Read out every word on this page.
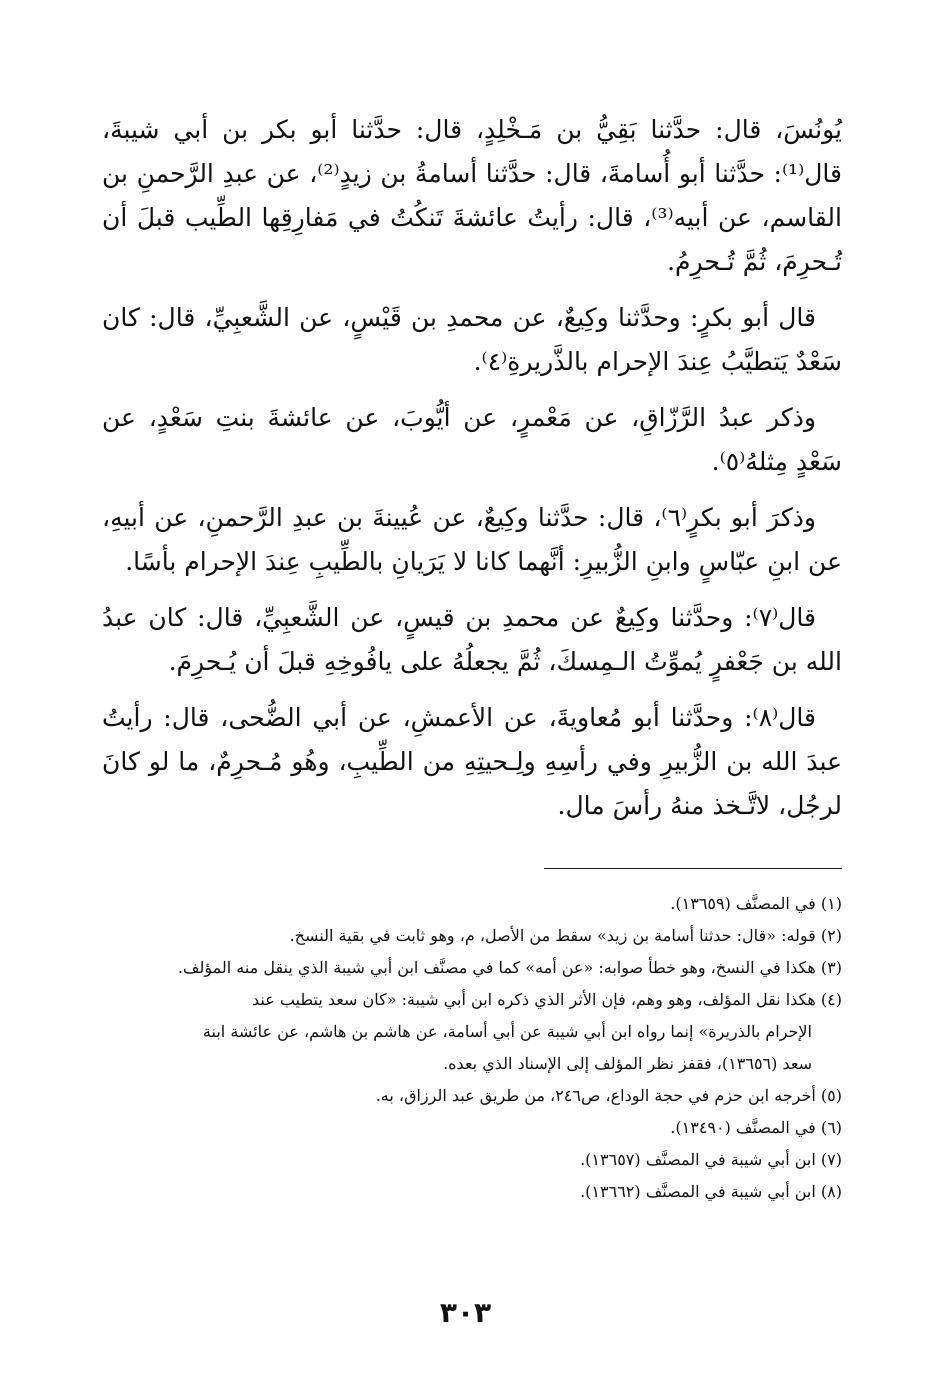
يُونُسَ، قال: حدَّثنا بَقِيُّ بن مَـخْلِدٍ، قال: حدَّثنا أبو بكر بن أبي شيبةَ، قال⁽¹⁾: حدَّثنا أبو أُسامةَ، قال: حدَّثنا أسامةُ بن زيدٍ⁽²⁾، عن عبدِ الرَّحمنِ بن القاسم، عن أبيه⁽³⁾، قال: رأيتُ عائشةَ تَنكُتُ في مَفارِقِها الطِّيب قبلَ أن تُـحرِمَ، ثُمَّ تُـحرِمُ.

قال أبو بكرٍ: وحدَّثنا وكِيعٌ، عن محمدِ بن قَيْسٍ، عن الشَّعبِيِّ، قال: كان سَعْدٌ يَتطيَّبُ عِندَ الإحرام بالذَّريرةِ⁽٤⁾.

وذكر عبدُ الرَّزّاقِ، عن مَعْمرٍ، عن أيُّوبَ، عن عائشةَ بنتِ سَعْدٍ، عن سَعْدٍ مِثلهُ⁽٥⁾.

وذكرَ أبو بكرٍ⁽٦⁾، قال: حدَّثنا وكِيعٌ، عن عُيينةَ بن عبدِ الرَّحمنِ، عن أبيهِ، عن ابنِ عبّاسٍ وابنِ الزُّبيرِ: أنَّهما كانا لا يَرَيانِ بالطِّيبِ عِندَ الإحرام بأسًا.

قال⁽٧⁾: وحدَّثنا وكِيعٌ عن محمدِ بن قيسٍ، عن الشَّعبِيِّ، قال: كان عبدُ الله بن جَعْفرٍ يُموِّتُ الـمِسكَ، ثُمَّ يجعلُهُ على يافُوخِهِ قبلَ أن يُـحرِمَ.

قال⁽٨⁾: وحدَّثنا أبو مُعاويةَ، عن الأعمشِ، عن أبي الضُّحى، قال: رأيتُ عبدَ الله بن الزُّبيرِ وفي رأسِهِ ولِـحيتِهِ من الطِّيبِ، وهُو مُـحرِمٌ، ما لو كانَ لرجُل، لاتَّـخذ منهُ رأسَ مال.

(١) في المصنَّف (١٣٦٥٩).
(٢) قوله: «قال: حدثنا أسامة بن زيد» سقط من الأصل، م، وهو ثابت في بقية النسخ.
(٣) هكذا في النسخ، وهو خطأ صوابه: «عن أمه» كما في مصنَّف ابن أبي شيبة الذي ينقل منه المؤلف.
(٤) هكذا نقل المؤلف، وهو وهم، فإن الأثر الذي ذكره ابن أبي شيبة: «كان سعد يتطيب عند
الإحرام بالذريرة» إنما رواه ابن أبي شيبة عن أبي أسامة، عن هاشم بن هاشم، عن عائشة ابنة
سعد (١٣٦٥٦)، فقفز نظر المؤلف إلى الإسناد الذي بعده.
(٥) أخرجه ابن حزم في حجة الوداع، ص٢٤٦، من طريق عبد الرزاق، به.
(٦) في المصنَّف (١٣٤٩٠).
(٧) ابن أبي شيبة في المصنَّف (١٣٦٥٧).
(٨) ابن أبي شيبة في المصنَّف (١٣٦٦٢).
٣٠٣
